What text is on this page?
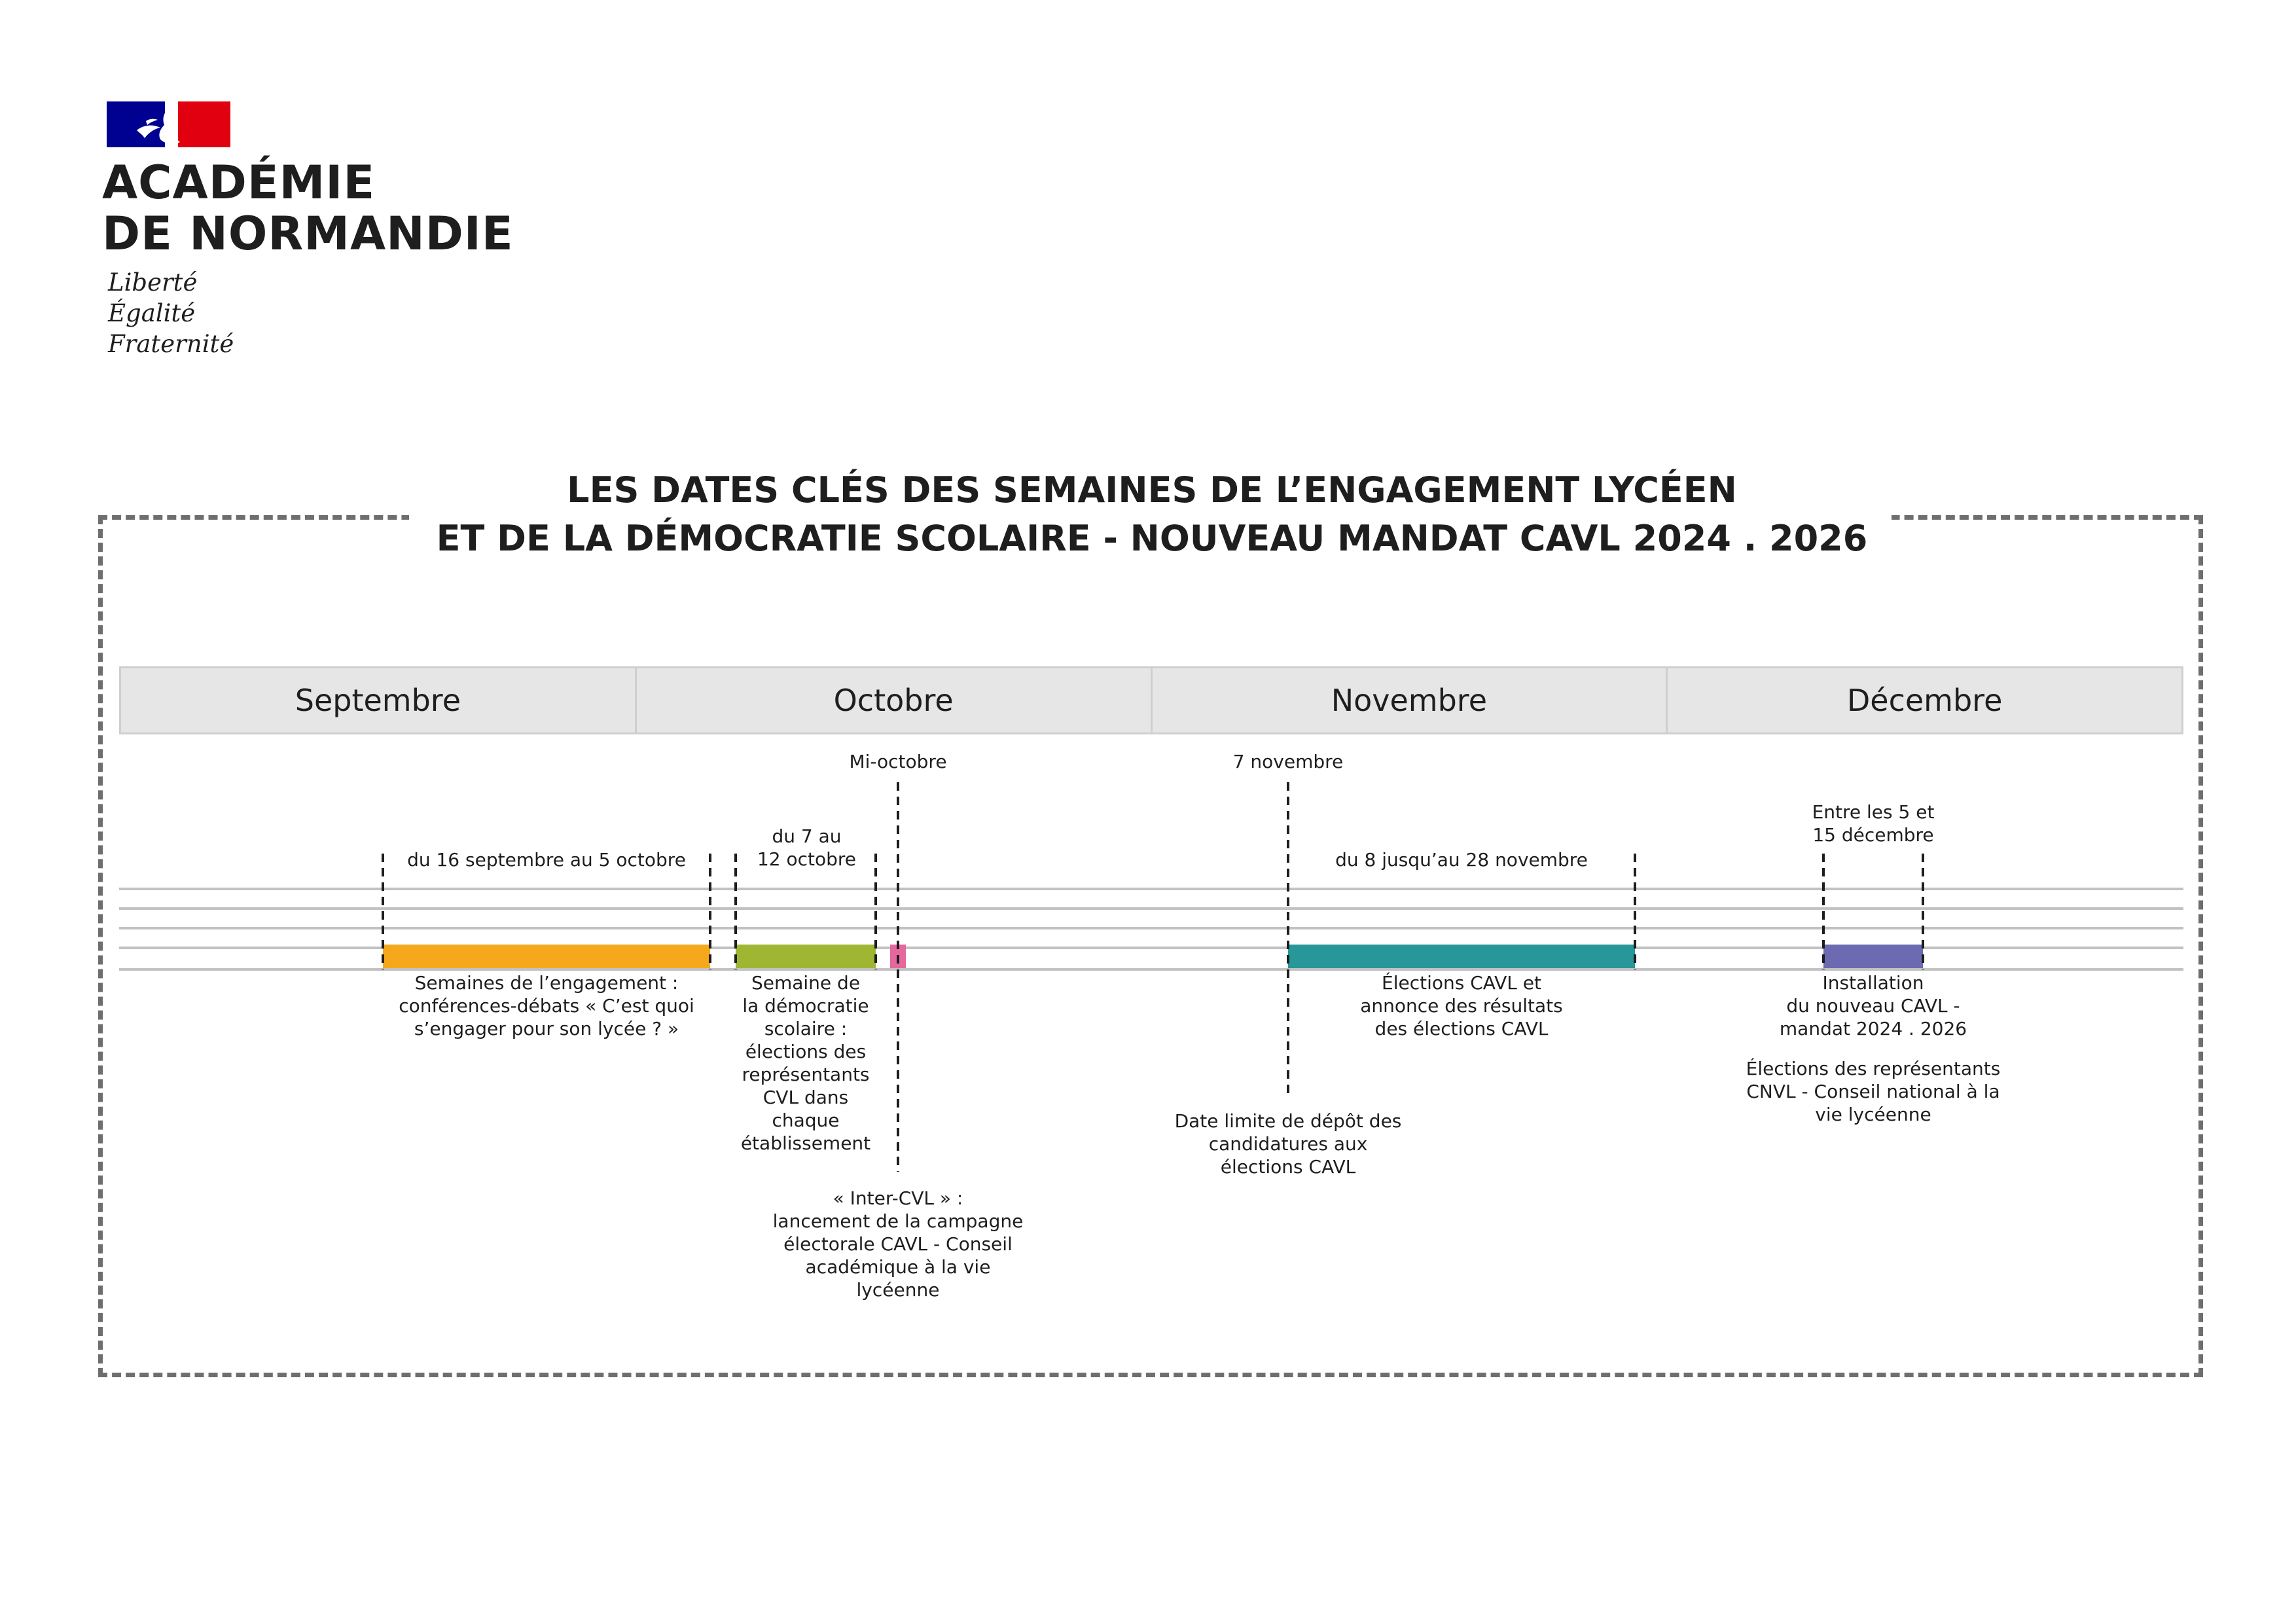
ACADÉMIE
DE NORMANDIE
Liberté
Égalité
Fraternité
LES DATES CLÉS DES SEMAINES DE L’ENGAGEMENT LYCÉEN
ET DE LA DÉMOCRATIE SCOLAIRE - NOUVEAU MANDAT CAVL 2024 . 2026
Septembre	Octobre	Novembre	Décembre
du 16 septembre au 5 octobre
du 7 au
12 octobre
Mi-octobre	7 novembre
du 8 jusqu’au 28 novembre
Entre les 5 et
15 décembre
Semaines de l’engagement :
conférences-débats « C’est quoi
s’engager pour son lycée ? »
Semaine de
la démocratie
scolaire :
élections des
représentants
CVL dans
chaque
établissement
« Inter-CVL » :
lancement de la campagne
électorale CAVL - Conseil
académique à la vie
lycéenne
Date limite de dépôt des
candidatures aux
élections CAVL
Élections CAVL et
annonce des résultats
des élections CAVL
Installation
du nouveau CAVL -
mandat 2024 . 2026
Élections des représentants
CNVL - Conseil national à la
vie lycéenne
